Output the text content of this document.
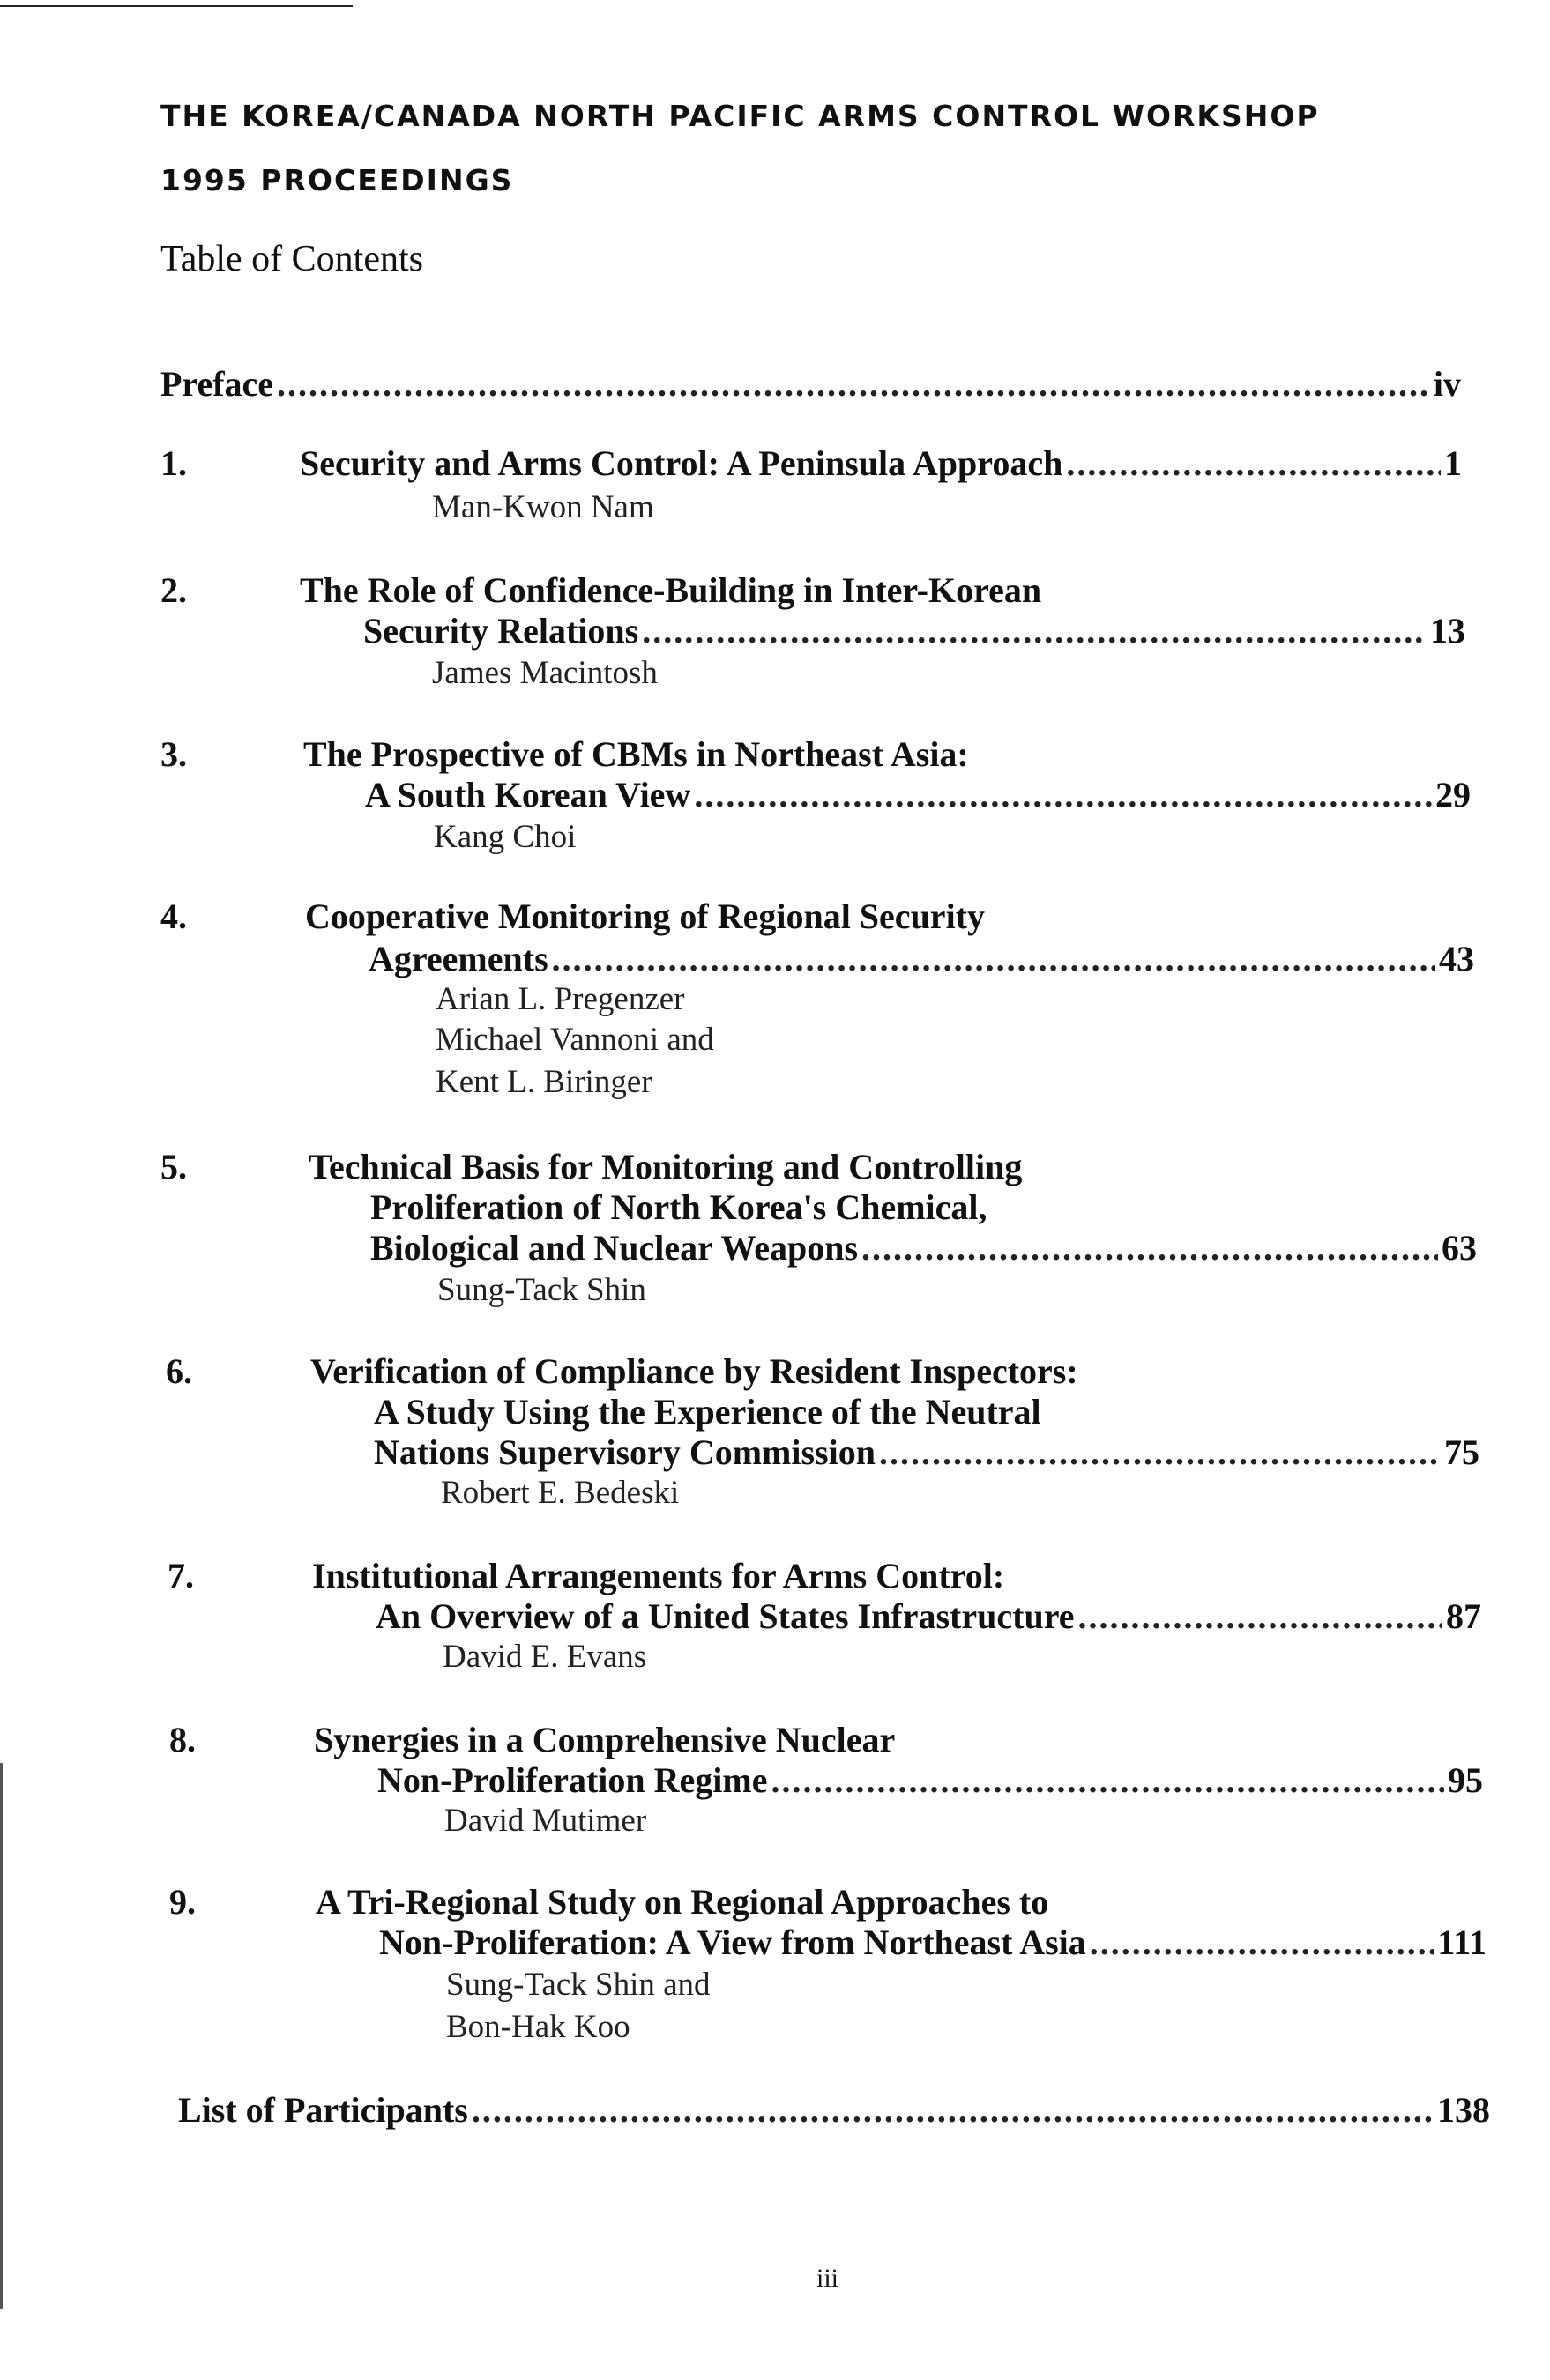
THE KOREA/CANADA NORTH PACIFIC ARMS CONTROL WORKSHOP
1995 PROCEEDINGS
Table of Contents
Preface .....	iv
1.	Security and Arms Control: A Peninsula Approach .....	1
Man-Kwon Nam
2.	The Role of Confidence-Building in Inter-Korean
Security Relations .....	13
James Macintosh
3.	The Prospective of CBMs in Northeast Asia:
A South Korean View .....	29
Kang Choi
4.	Cooperative Monitoring of Regional Security
Agreements .....	43
Arian L. Pregenzer
Michael Vannoni and
Kent L. Biringer
5.	Technical Basis for Monitoring and Controlling
Proliferation of North Korea's Chemical,
Biological and Nuclear Weapons .....	63
Sung-Tack Shin
6.	Verification of Compliance by Resident Inspectors:
A Study Using the Experience of the Neutral
Nations Supervisory Commission .....	75
Robert E. Bedeski
7.	Institutional Arrangements for Arms Control:
An Overview of a United States Infrastructure .....	87
David E. Evans
8.	Synergies in a Comprehensive Nuclear
Non-Proliferation Regime .....	95
David Mutimer
9.	A Tri-Regional Study on Regional Approaches to
Non-Proliferation: A View from Northeast Asia .....	111
Sung-Tack Shin and
Bon-Hak Koo
List of Participants .....	138
iii
